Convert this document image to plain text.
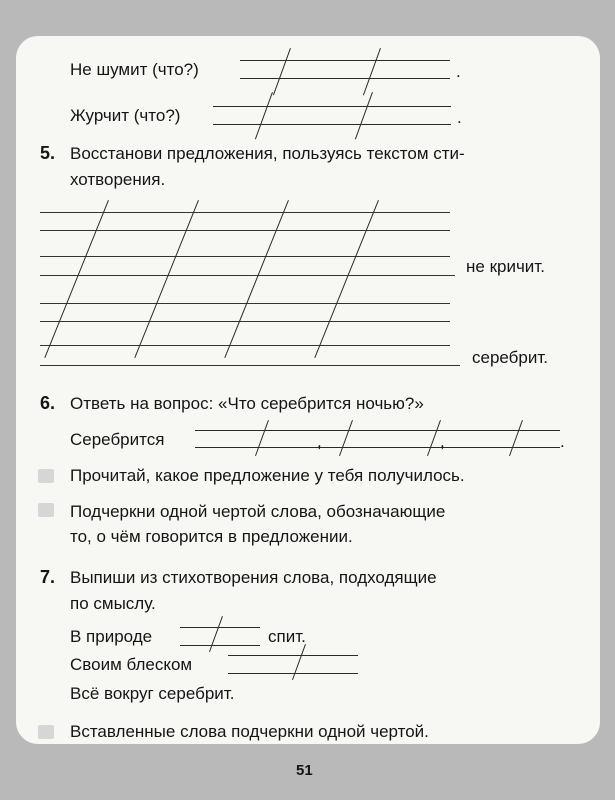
Не шумит (что?)	.
Журчит (что?)	.
5. Восстанови предложения, пользуясь текстом сти-
хотворения.
не кричит.
серебрит.
6. Ответь на вопрос: «Что серебрится ночью?»
Серебрится	,	,	.
Прочитай, какое предложение у тебя получилось.
Подчеркни одной чертой слова, обозначающие
то, о чём говорится в предложении.
7. Выпиши из стихотворения слова, подходящие
по смыслу.
В природе	спит.
Своим блеском
Всё вокруг серебрит.
Вставленные слова подчеркни одной чертой.
51
